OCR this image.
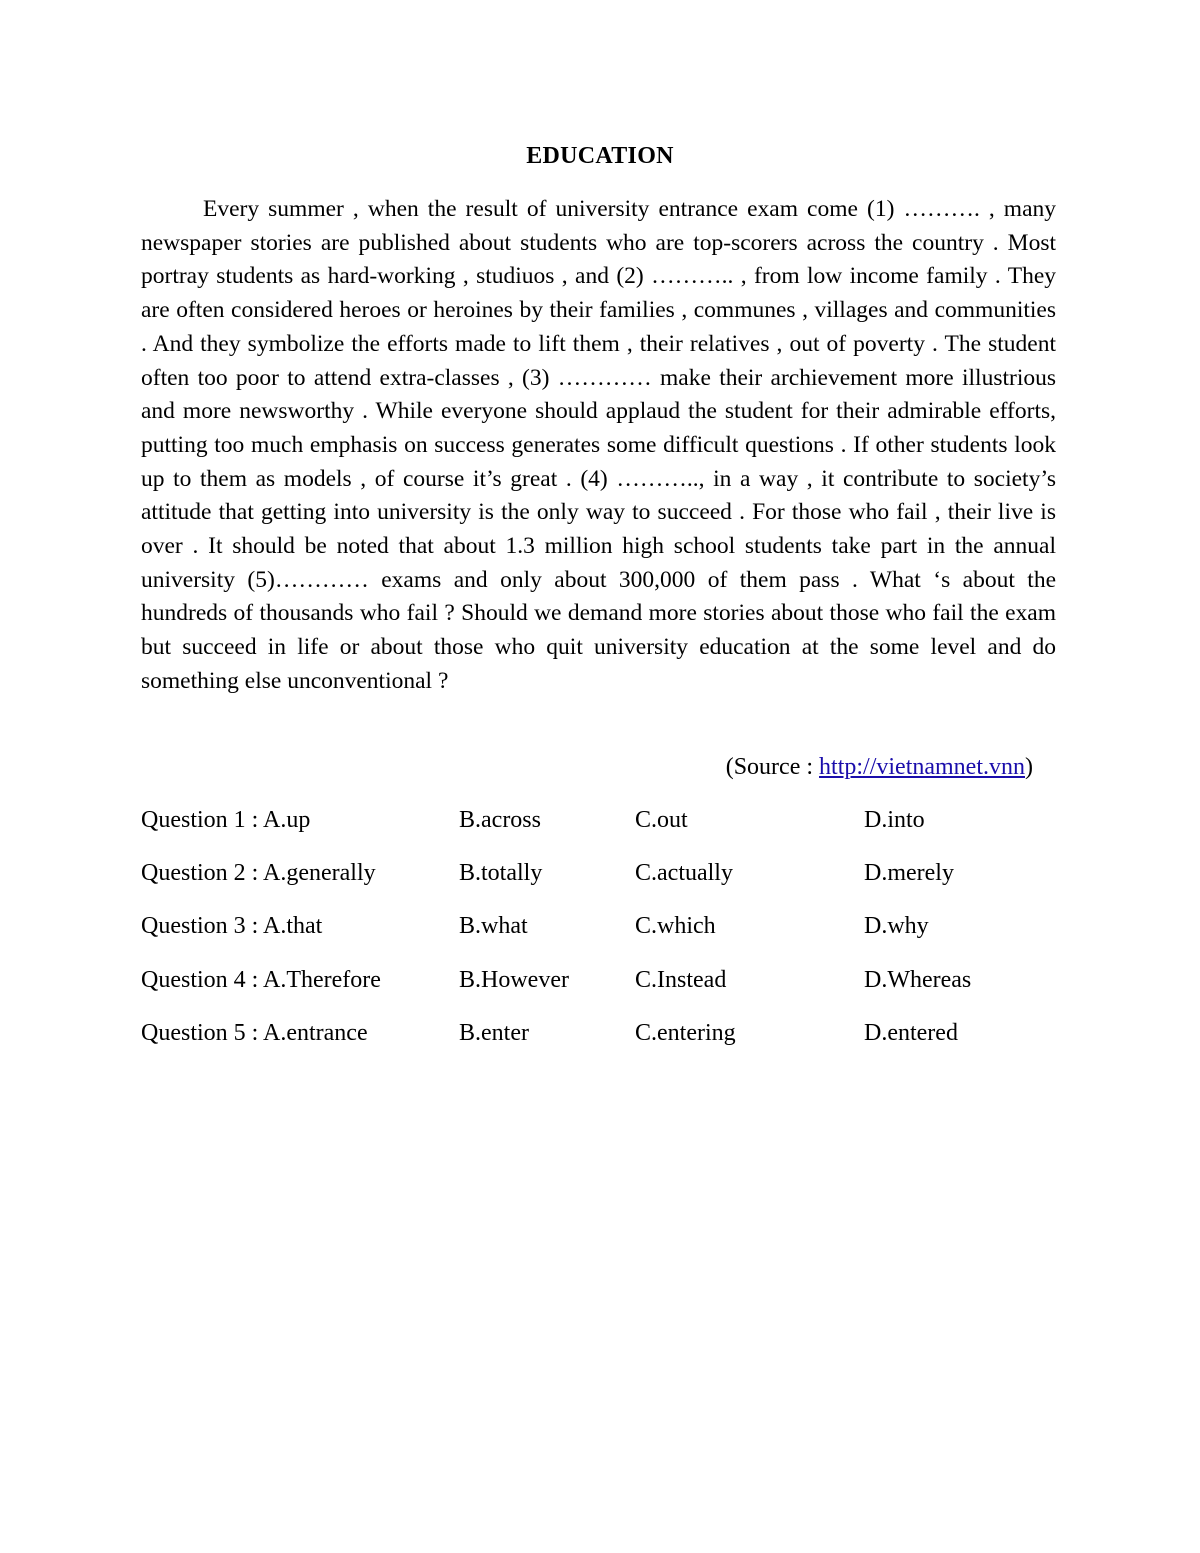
EDUCATION

Every summer , when the result of university entrance exam come (1) ………. , many newspaper stories are published about students who are top-scorers across the country . Most portray students as hard-working , studiuos , and (2) ……….. , from low income family . They are often considered heroes or heroines by their families , communes , villages and communities . And they symbolize the efforts made to lift them , their relatives , out of poverty . The student often too poor to attend extra-classes , (3) ………… make their archievement more illustrious and more newsworthy . While everyone should applaud the student for their admirable efforts, putting too much emphasis on success generates some difficult questions . If other students look up to them as models , of course it’s great . (4) ……….., in a way , it contribute to society’s attitude that getting into university is the only way to succeed . For those who fail , their live is over . It should be noted that about 1.3 million high school students take part in the annual university (5)………… exams and only about 300,000 of them pass . What ‘s about the hundreds of thousands who fail ? Should we demand more stories about those who fail the exam but succeed in life or about those who quit university education at the some level and do something else unconventional ?

(Source : http://vietnamnet.vnn)
Question 1 : A.up	B.across	C.out	D.into
Question 2 : A.generally	B.totally	C.actually	D.merely
Question 3 : A.that	B.what	C.which	D.why
Question 4 : A.Therefore	B.However	C.Instead	D.Whereas
Question 5 : A.entrance	B.enter	C.entering	D.entered
